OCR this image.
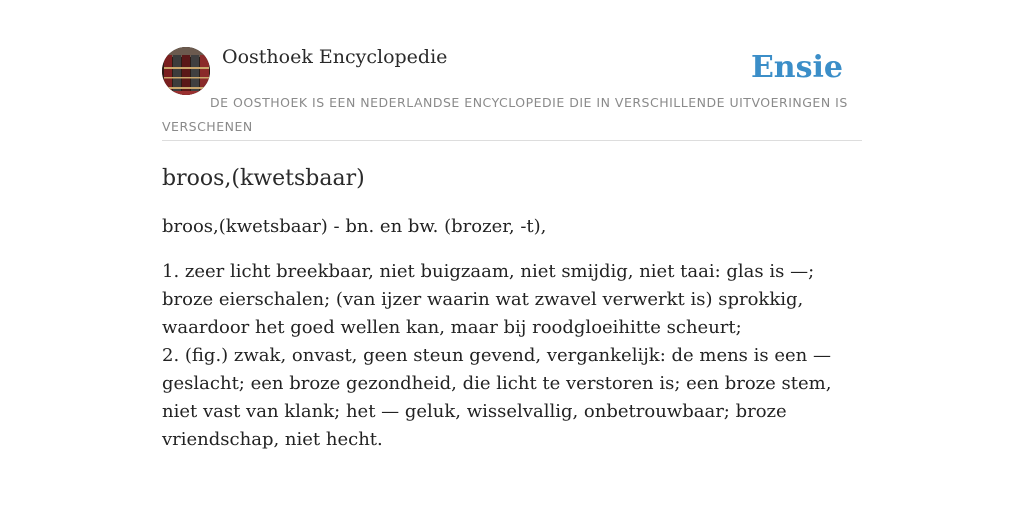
Oosthoek Encyclopedie	Ensie
DE OOSTHOEK IS EEN NEDERLANDSE ENCYCLOPEDIE DIE IN VERSCHILLENDE UITVOERINGEN IS VERSCHENEN
broos,(kwetsbaar)

broos,(kwetsbaar) - bn. en bw. (brozer, -t),

1. zeer licht breekbaar, niet buigzaam, niet smijdig, niet taai: glas is —; broze eierschalen; (van ijzer waarin wat zwavel verwerkt is) sprokkig, waardoor het goed wellen kan, maar bij roodgloeihitte scheurt;
2. (fig.) zwak, onvast, geen steun gevend, vergankelijk: de mens is een — geslacht; een broze gezondheid, die licht te verstoren is; een broze stem, niet vast van klank; het — geluk, wisselvallig, onbetrouwbaar; broze vriendschap, niet hecht.
